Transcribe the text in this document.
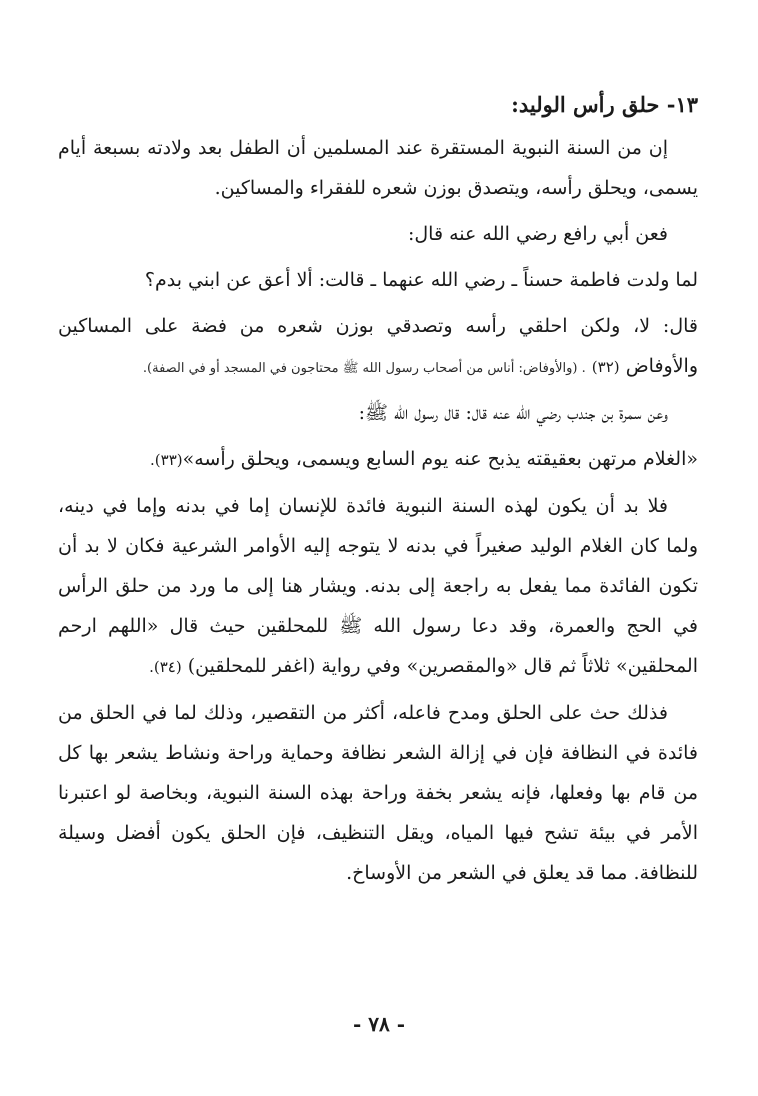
١٣- حلق رأس الوليد:

إن من السنة النبوية المستقرة عند المسلمين أن الطفل بعد ولادته بسبعة أيام يسمى، ويحلق رأسه، ويتصدق بوزن شعره للفقراء والمساكين.

فعن أبي رافع رضي الله عنه قال:

لما ولدت فاطمة حسناً ـ رضي الله عنهما ـ قالت: ألا أعق عن ابني بدم؟

قال: لا، ولكن احلقي رأسه وتصدقي بوزن شعره من فضة على المساكين والأوفاض (٣٢) . (والأوفاض: أناس من أصحاب رسول الله ﷺ محتاجون في المسجد أو في الصفة).

وعن سمرة بن جندب رضي الله عنه قال: قال رسول الله ﷺ:

«الغلام مرتهن بعقيقته يذبح عنه يوم السابع ويسمى، ويحلق رأسه»(٣٣).

فلا بد أن يكون لهذه السنة النبوية فائدة للإنسان إما في بدنه وإما في دينه، ولما كان الغلام الوليد صغيراً في بدنه لا يتوجه إليه الأوامر الشرعية فكان لا بد أن تكون الفائدة مما يفعل به راجعة إلى بدنه. ويشار هنا إلى ما ورد من حلق الرأس في الحج والعمرة، وقد دعا رسول الله ﷺ للمحلقين حيث قال «اللهم ارحم المحلقين» ثلاثاً ثم قال «والمقصرين» وفي رواية (اغفر للمحلقين) (٣٤).

فذلك حث على الحلق ومدح فاعله، أكثر من التقصير، وذلك لما في الحلق من فائدة في النظافة فإن في إزالة الشعر نظافة وحماية وراحة ونشاط يشعر بها كل من قام بها وفعلها، فإنه يشعر بخفة وراحة بهذه السنة النبوية، وبخاصة لو اعتبرنا الأمر في بيئة تشح فيها المياه، ويقل التنظيف، فإن الحلق يكون أفضل وسيلة للنظافة. مما قد يعلق في الشعر من الأوساخ.

- ٧٨ -
